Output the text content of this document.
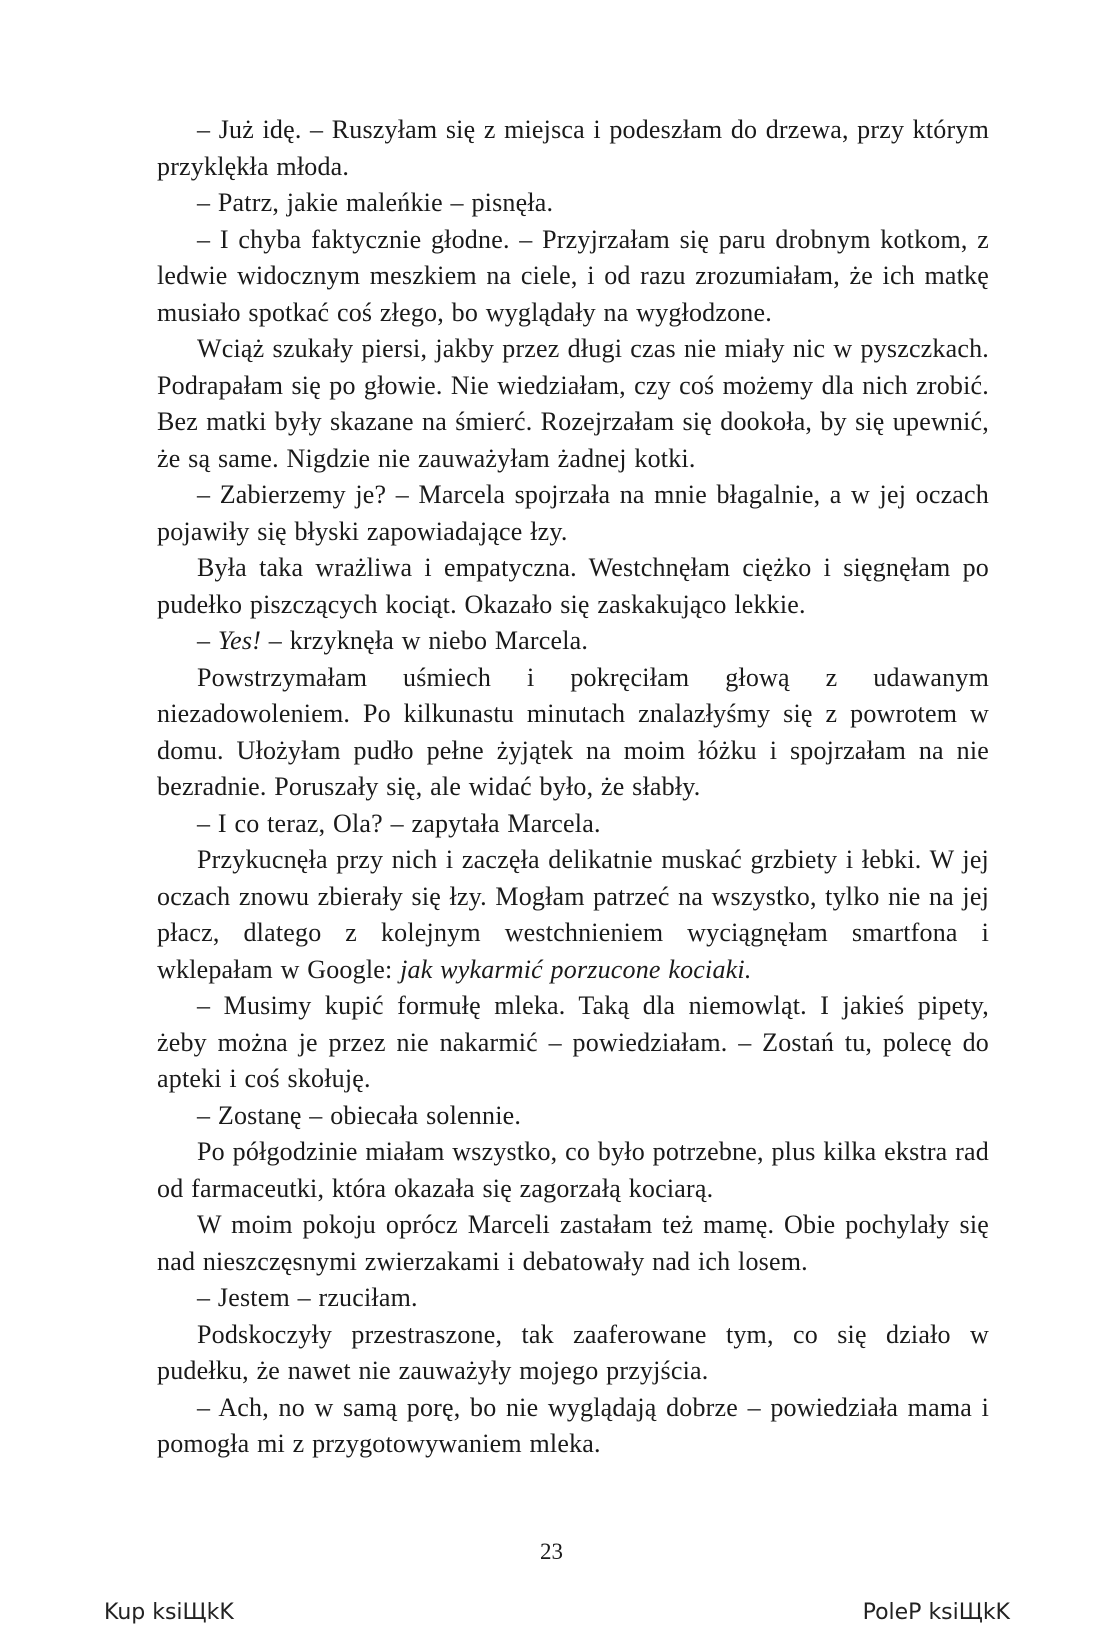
– Już idę. – Ruszyłam się z miejsca i podeszłam do drzewa, przy którym przyklękła młoda.

– Patrz, jakie maleńkie – pisnęła.

– I chyba faktycznie głodne. – Przyjrzałam się paru drobnym kotkom, z ledwie widocznym meszkiem na ciele, i od razu zrozumiałam, że ich matkę musiało spotkać coś złego, bo wyglądały na wygłodzone.

Wciąż szukały piersi, jakby przez długi czas nie miały nic w pyszczkach. Podrapałam się po głowie. Nie wiedziałam, czy coś możemy dla nich zrobić. Bez matki były skazane na śmierć. Rozejrzałam się dookoła, by się upewnić, że są same. Nigdzie nie zauważyłam żadnej kotki.

– Zabierzemy je? – Marcela spojrzała na mnie błagalnie, a w jej oczach pojawiły się błyski zapowiadające łzy.

Była taka wrażliwa i empatyczna. Westchnęłam ciężko i sięgnęłam po pudełko piszczących kociąt. Okazało się zaskakująco lekkie.

– Yes! – krzyknęła w niebo Marcela.

Powstrzymałam uśmiech i pokręciłam głową z udawanym niezadowoleniem. Po kilkunastu minutach znalazłyśmy się z powrotem w domu. Ułożyłam pudło pełne żyjątek na moim łóżku i spojrzałam na nie bezradnie. Poruszały się, ale widać było, że słabły.

– I co teraz, Ola? – zapytała Marcela.

Przykucnęła przy nich i zaczęła delikatnie muskać grzbiety i łebki. W jej oczach znowu zbierały się łzy. Mogłam patrzeć na wszystko, tylko nie na jej płacz, dlatego z kolejnym westchnieniem wyciągnęłam smartfona i wklepałam w Google: jak wykarmić porzucone kociaki.

– Musimy kupić formułę mleka. Taką dla niemowląt. I jakieś pipety, żeby można je przez nie nakarmić – powiedziałam. – Zostań tu, polecę do apteki i coś skołuję.

– Zostanę – obiecała solennie.

Po półgodzinie miałam wszystko, co było potrzebne, plus kilka ekstra rad od farmaceutki, która okazała się zagorzałą kociarą.

W moim pokoju oprócz Marceli zastałam też mamę. Obie pochylały się nad nieszczęsnymi zwierzakami i debatowały nad ich losem.

– Jestem – rzuciłam.

Podskoczyły przestraszone, tak zaaferowane tym, co się działo w pudełku, że nawet nie zauważyły mojego przyjścia.

– Ach, no w samą porę, bo nie wyglądają dobrze – powiedziała mama i pomogła mi z przygotowywaniem mleka.

23
Kup ksiЩkK	PoleP ksiЩkK
